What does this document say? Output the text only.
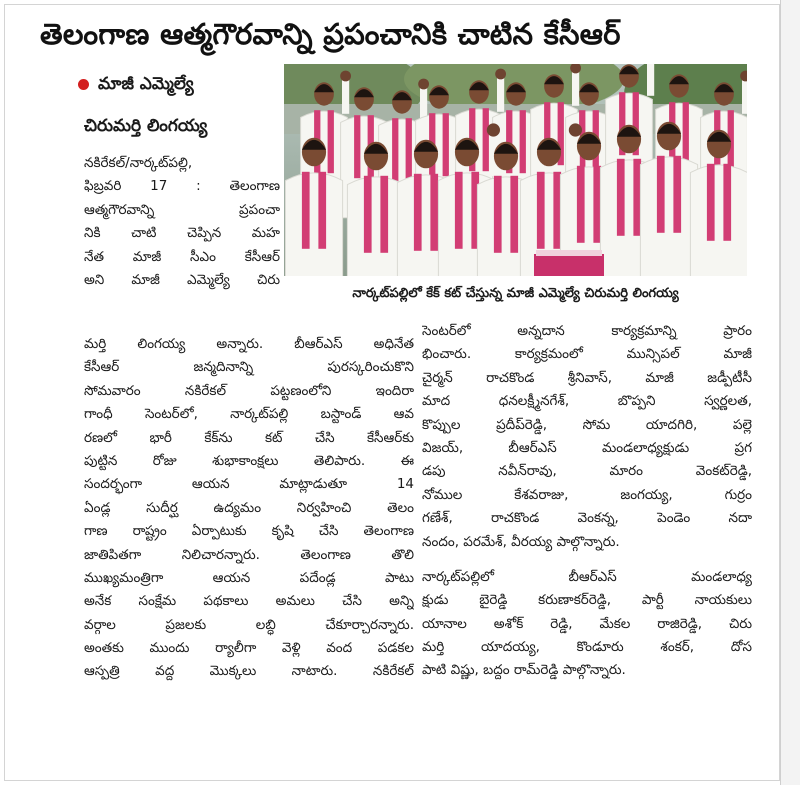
తెలంగాణ ఆత్మగౌరవాన్ని ప్రపంచానికి చాటిన కేసీఆర్
మాజీ ఎమ్మెల్యే
చిరుమర్తి లింగయ్య
నార్కట్‌పల్లిలో కేక్ కట్ చేస్తున్న మాజీ ఎమ్మెల్యే చిరుమర్తి లింగయ్య
నకిరేకల్/నార్కట్‌పల్లి,
ఫిబ్రవరి 17 : తెలంగాణ
ఆత్మగౌరవాన్ని ప్రపంచా
నికి చాటి చెప్పిన మహ
నేత మాజీ సీఎం కేసీఆర్
అని మాజీ ఎమ్మెల్యే చిరు
మర్తి లింగయ్య అన్నారు. బీఆర్ఎస్ అధినేత
కేసీఆర్ జన్మదినాన్ని పురస్కరించుకొని
సోమవారం నకిరేకల్ పట్టణంలోని ఇందిరా
గాంధీ సెంటర్‌లో, నార్కట్‌పల్లి బస్టాండ్ ఆవ
రణలో భారీ కేక్‌ను కట్ చేసి కేసీఆర్‌కు
పుట్టిన రోజు శుభాకాంక్షలు తెలిపారు. ఈ
సందర్భంగా ఆయన మాట్లాడుతూ 14
ఏండ్ల సుదీర్ఘ ఉద్యమం నిర్వహించి తెలం
గాణ రాష్ట్రం ఏర్పాటుకు కృషి చేసి తెలంగాణ
జాతిపితగా నిలిచారన్నారు. తెలంగాణ తొలి
ముఖ్యమంత్రిగా ఆయన పదేండ్ల పాటు
అనేక సంక్షేమ పథకాలు అమలు చేసి అన్ని
వర్గాల ప్రజలకు లబ్ధి చేకూర్చారన్నారు.
అంతకు ముందు ర్యాలీగా వెళ్లి వంద పడకల
ఆస్పత్రి వద్ద మొక్కలు నాటారు. నకిరేకల్
సెంటర్‌లో అన్నదాన కార్యక్రమాన్ని ప్రారం
భించారు. కార్యక్రమంలో మున్సిపల్ మాజీ
చైర్మన్ రాచకొండ శ్రీనివాస్, మాజీ జడ్పీటీసీ
మాద ధనలక్ష్మీనగేశ్, బొప్పని స్వర్ణలత,
కొప్పుల ప్రదీప్‌రెడ్డి, సోమ యాదగిరి, పల్లె
విజయ్, బీఆర్ఎస్ మండలాధ్యక్షుడు ప్రగ
డపు నవీన్‌రావు, మారం వెంకట్‌రెడ్డి,
నోముల కేశవరాజు, జంగయ్య, గుర్రం
గణేశ్, రాచకొండ వెంకన్న, పెండెం నదా
నందం, పరమేశ్, వీరయ్య పాల్గొన్నారు.
నార్కట్‌పల్లిలో బీఆర్ఎస్ మండలాధ్య
క్షుడు బైరెడ్డి కరుణాకర్‌రెడ్డి, పార్టీ నాయకులు
యానాల అశోక్ రెడ్డి, మేకల రాజిరెడ్డి, చిరు
మర్తి యాదయ్య, కొండూరు శంకర్, దోస
పాటి విష్ణు, బద్దం రామ్‌రెడ్డి పాల్గొన్నారు.
